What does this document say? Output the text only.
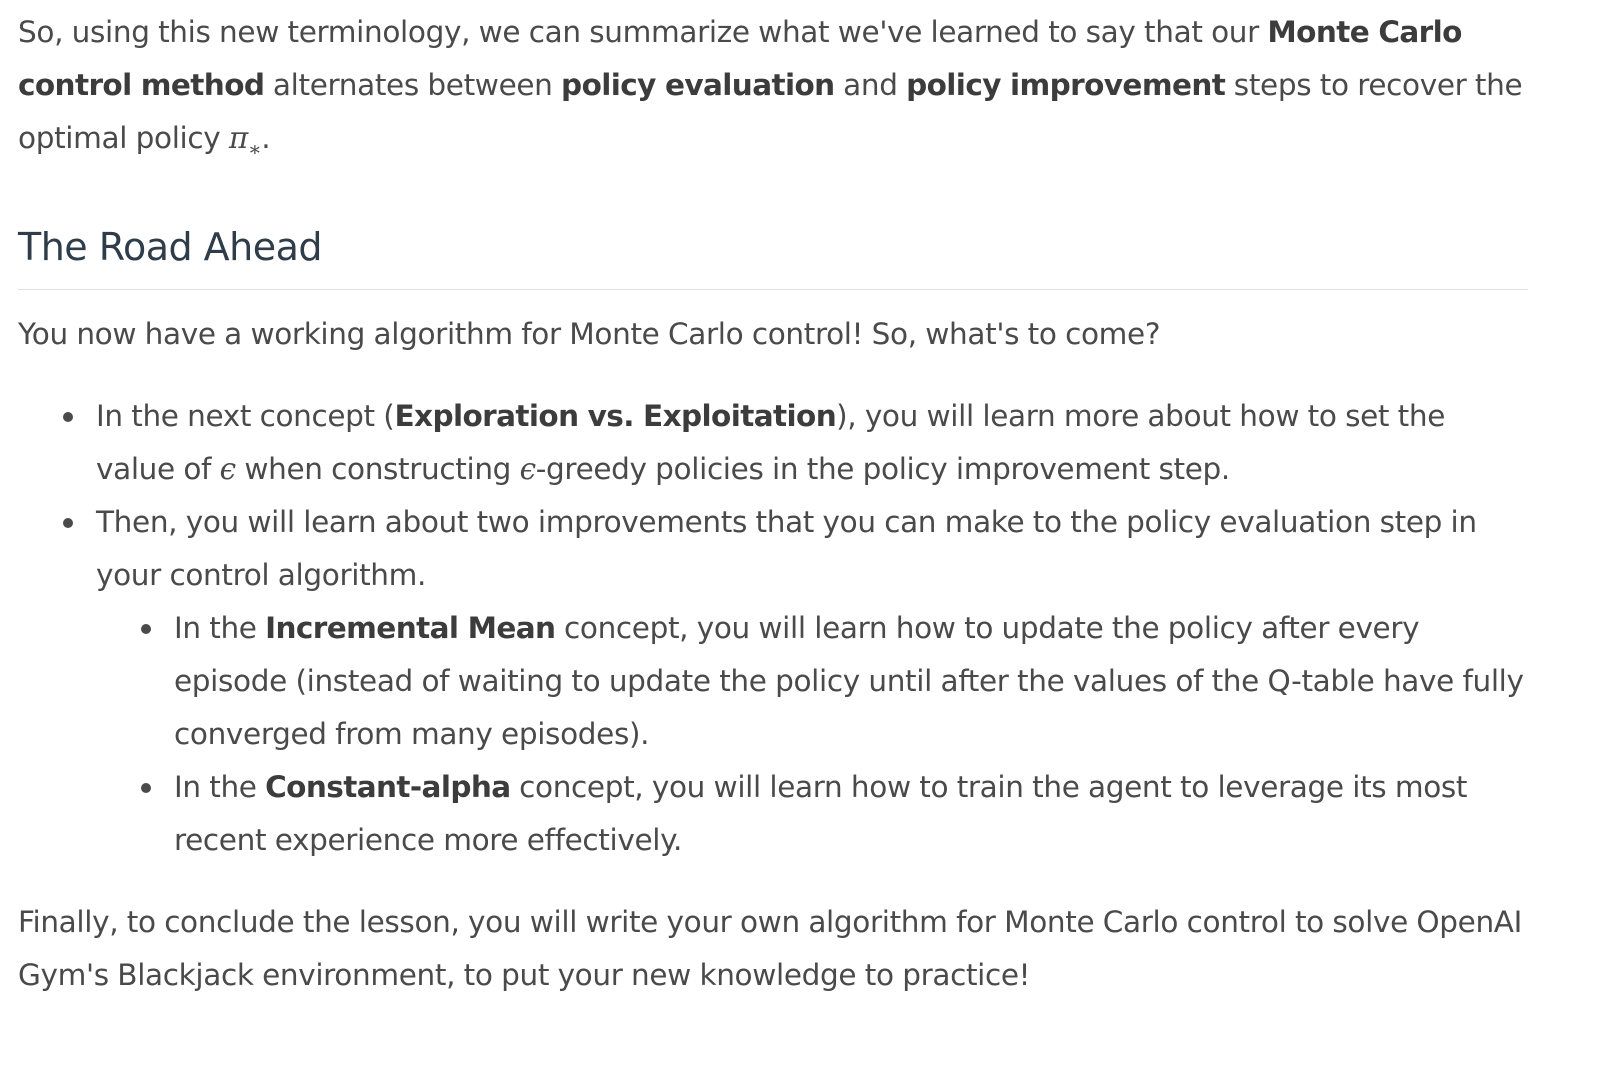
So, using this new terminology, we can summarize what we've learned to say that our Monte Carlo control method alternates between policy evaluation and policy improvement steps to recover the optimal policy $\pi_∗$.

The Road Ahead

You now have a working algorithm for Monte Carlo control! So, what's to come?

In the next concept (Exploration vs. Exploitation), you will learn more about how to set the value of ϵ when constructing ϵ-greedy policies in the policy improvement step.
Then, you will learn about two improvements that you can make to the policy evaluation step in your control algorithm.
In the Incremental Mean concept, you will learn how to update the policy after every episode (instead of waiting to update the policy until after the values of the Q-table have fully converged from many episodes).
In the Constant-alpha concept, you will learn how to train the agent to leverage its most recent experience more effectively.

Finally, to conclude the lesson, you will write your own algorithm for Monte Carlo control to solve OpenAI Gym's Blackjack environment, to put your new knowledge to practice!
